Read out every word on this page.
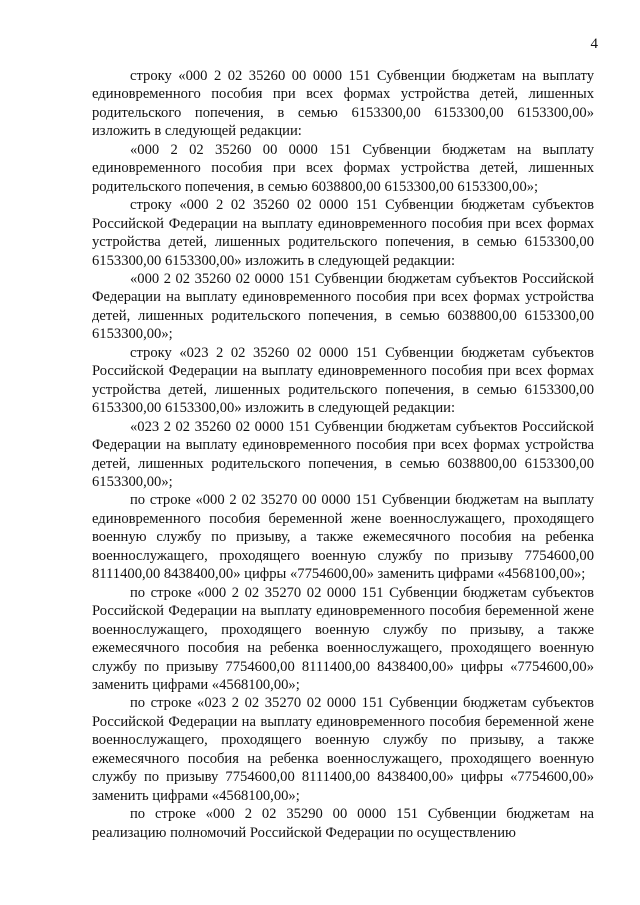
4

строку «000 2 02 35260 00 0000 151 Субвенции бюджетам на выплату единовременного пособия при всех формах устройства детей, лишенных родительского попечения, в семью 6153300,00 6153300,00 6153300,00» изложить в следующей редакции:

«000 2 02 35260 00 0000 151 Субвенции бюджетам на выплату единовременного пособия при всех формах устройства детей, лишенных родительского попечения, в семью 6038800,00 6153300,00 6153300,00»;

строку «000 2 02 35260 02 0000 151 Субвенции бюджетам субъектов Российской Федерации на выплату единовременного пособия при всех формах устройства детей, лишенных родительского попечения, в семью 6153300,00 6153300,00 6153300,00» изложить в следующей редакции:

«000 2 02 35260 02 0000 151 Субвенции бюджетам субъектов Российской Федерации на выплату единовременного пособия при всех формах устройства детей, лишенных родительского попечения, в семью 6038800,00 6153300,00 6153300,00»;

строку «023 2 02 35260 02 0000 151 Субвенции бюджетам субъектов Российской Федерации на выплату единовременного пособия при всех формах устройства детей, лишенных родительского попечения, в семью 6153300,00 6153300,00 6153300,00» изложить в следующей редакции:

«023 2 02 35260 02 0000 151 Субвенции бюджетам субъектов Российской Федерации на выплату единовременного пособия при всех формах устройства детей, лишенных родительского попечения, в семью 6038800,00 6153300,00 6153300,00»;

по строке «000 2 02 35270 00 0000 151 Субвенции бюджетам на выплату единовременного пособия беременной жене военнослужащего, проходящего военную службу по призыву, а также ежемесячного пособия на ребенка военнослужащего, проходящего военную службу по призыву 7754600,00 8111400,00 8438400,00» цифры «7754600,00» заменить цифрами «4568100,00»;

по строке «000 2 02 35270 02 0000 151 Субвенции бюджетам субъектов Российской Федерации на выплату единовременного пособия беременной жене военнослужащего, проходящего военную службу по призыву, а также ежемесячного пособия на ребенка военнослужащего, проходящего военную службу по призыву 7754600,00 8111400,00 8438400,00» цифры «7754600,00» заменить цифрами «4568100,00»;

по строке «023 2 02 35270 02 0000 151 Субвенции бюджетам субъектов Российской Федерации на выплату единовременного пособия беременной жене военнослужащего, проходящего военную службу по призыву, а также ежемесячного пособия на ребенка военнослужащего, проходящего военную службу по призыву 7754600,00 8111400,00 8438400,00» цифры «7754600,00» заменить цифрами «4568100,00»;

по строке «000 2 02 35290 00 0000 151 Субвенции бюджетам на реализацию полномочий Российской Федерации по осуществлению
